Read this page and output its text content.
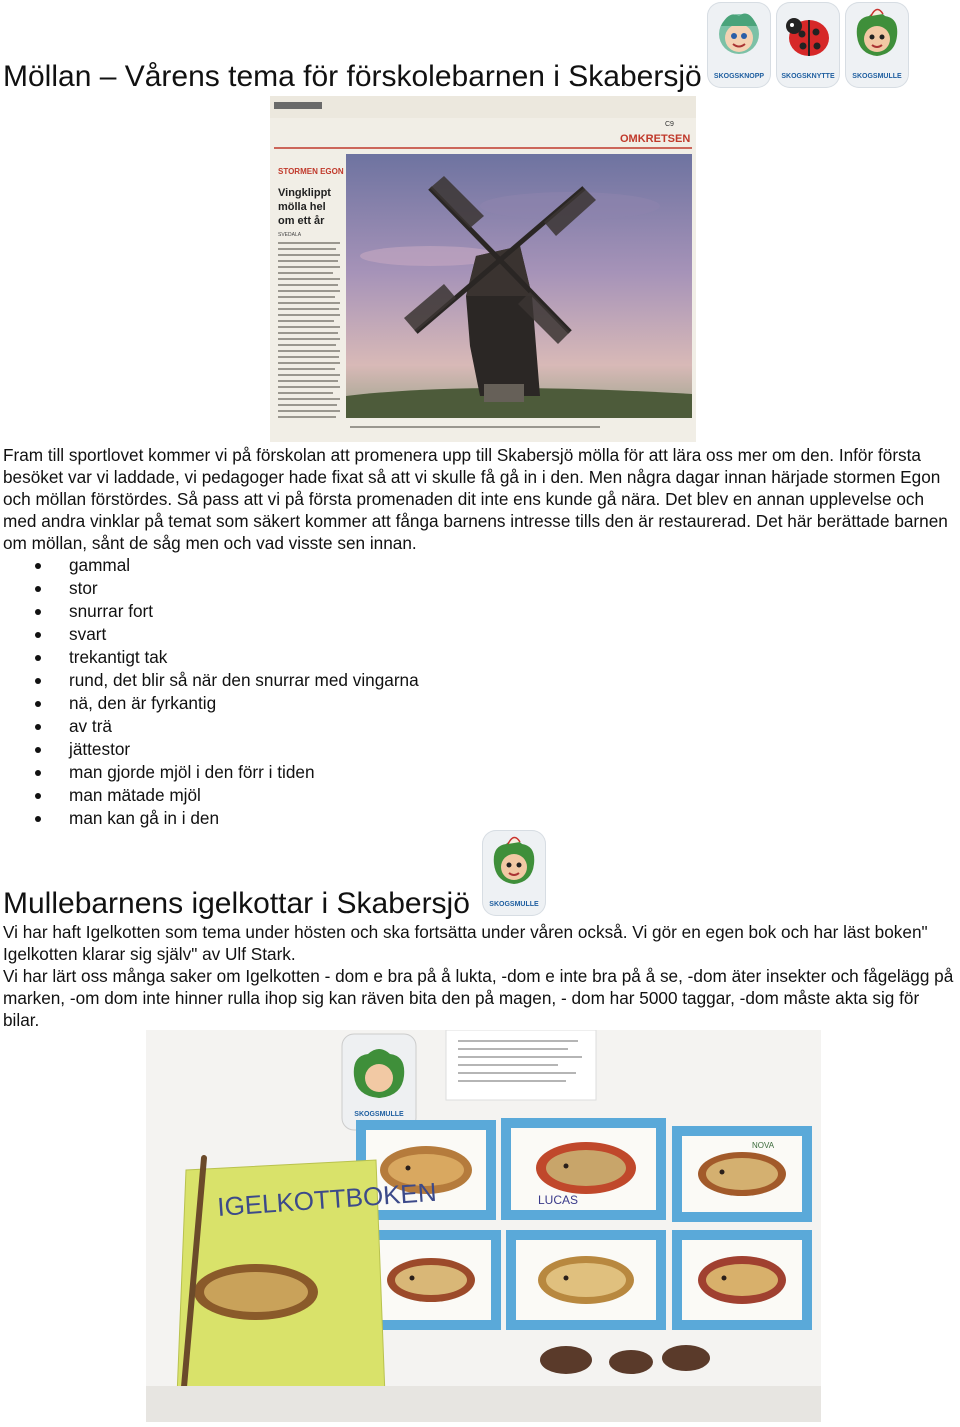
Möllan – Vårens tema för förskolebarnen i Skabersjö SKOGSKNOPP SKOGSKNYTTE	SKOGSMULLE
C9
OMKRETSEN
STORMEN EGON
Vingklippt
mölla hel
om ett år
SVEDALA
Fram till sportlovet kommer vi på förskolan att promenera upp till Skabersjö mölla för att lära oss mer om den. Inför första besöket var vi laddade, vi pedagoger hade fixat så att vi skulle få gå in i den. Men några dagar innan härjade stormen Egon och möllan förstördes. Så pass att vi på första promenaden dit inte ens kunde gå nära. Det blev en annan upplevelse och med andra vinklar på temat som säkert kommer att fånga barnens intresse tills den är restaurerad. Det här berättade barnen om möllan, sånt de såg men och vad visste sen innan.
gammal
stor
snurrar fort
svart
trekantigt tak
rund, det blir så när den snurrar med vingarna
nä, den är fyrkantig
av trä
jättestor
man gjorde mjöl i den förr i tiden
man mätade mjöl
man kan gå in i den
Mullebarnens igelkottar i Skabersjö	SKOGSMULLE
Vi har haft Igelkotten som tema under hösten och ska fortsätta under våren också. Vi gör en egen bok och har läst boken" Igelkotten klarar sig själv" av Ulf Stark.
Vi har lärt oss många saker om Igelkotten - dom e bra på å lukta, -dom e inte bra på å se, -dom äter insekter och fågelägg på marken, -om dom inte hinner rulla ihop sig kan räven bita den på magen, - dom har 5000 taggar, -dom måste akta sig för bilar.
SKOGSMULLE
LUCAS
NOVA
IGELKOTTBOKEN
